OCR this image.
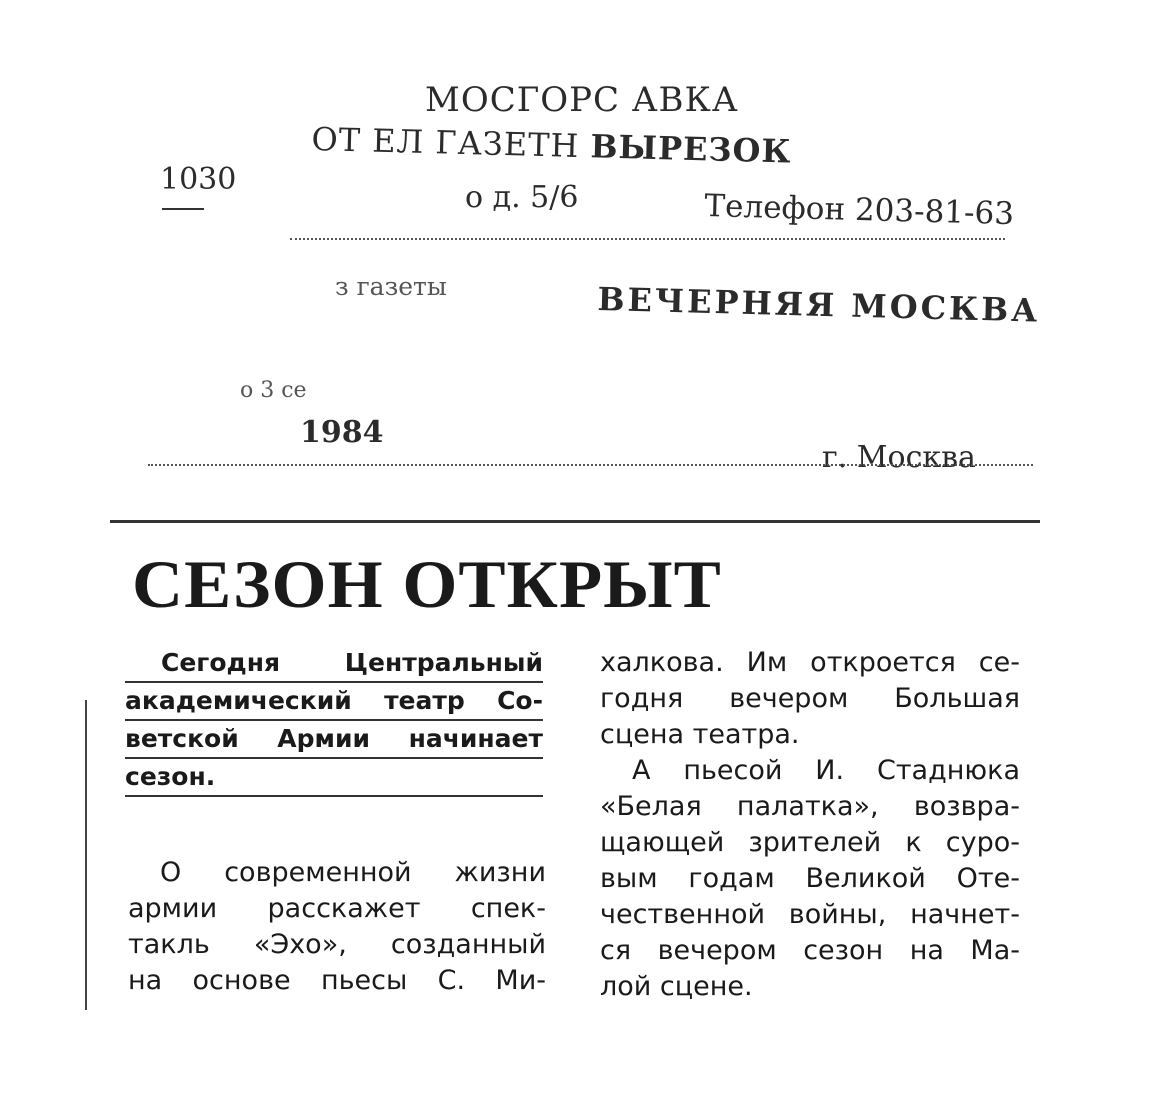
МОСГОРС АВКА
ОТ ЕЛ ГАЗЕТН ВЫРЕЗОК
1030
о д. 5/6	Телефон 203-81-63
з газеты	ВЕЧЕРНЯЯ МОСКВА
о 3 се
1984
г. Москва
СЕЗОН ОТКРЫТ
Сегодня Центральный
академический театр Со-
ветской Армии начинает
сезон.
О современной жизни
армии расскажет спек-
такль «Эхо», созданный
на основе пьесы С. Ми-
халкова. Им откроется се-
годня вечером Большая
сцена театра.
А пьесой И. Стаднюка
«Белая палатка», возвра-
щающей зрителей к суро-
вым годам Великой Оте-
чественной войны, начнет-
ся вечером сезон на Ма-
лой сцене.
